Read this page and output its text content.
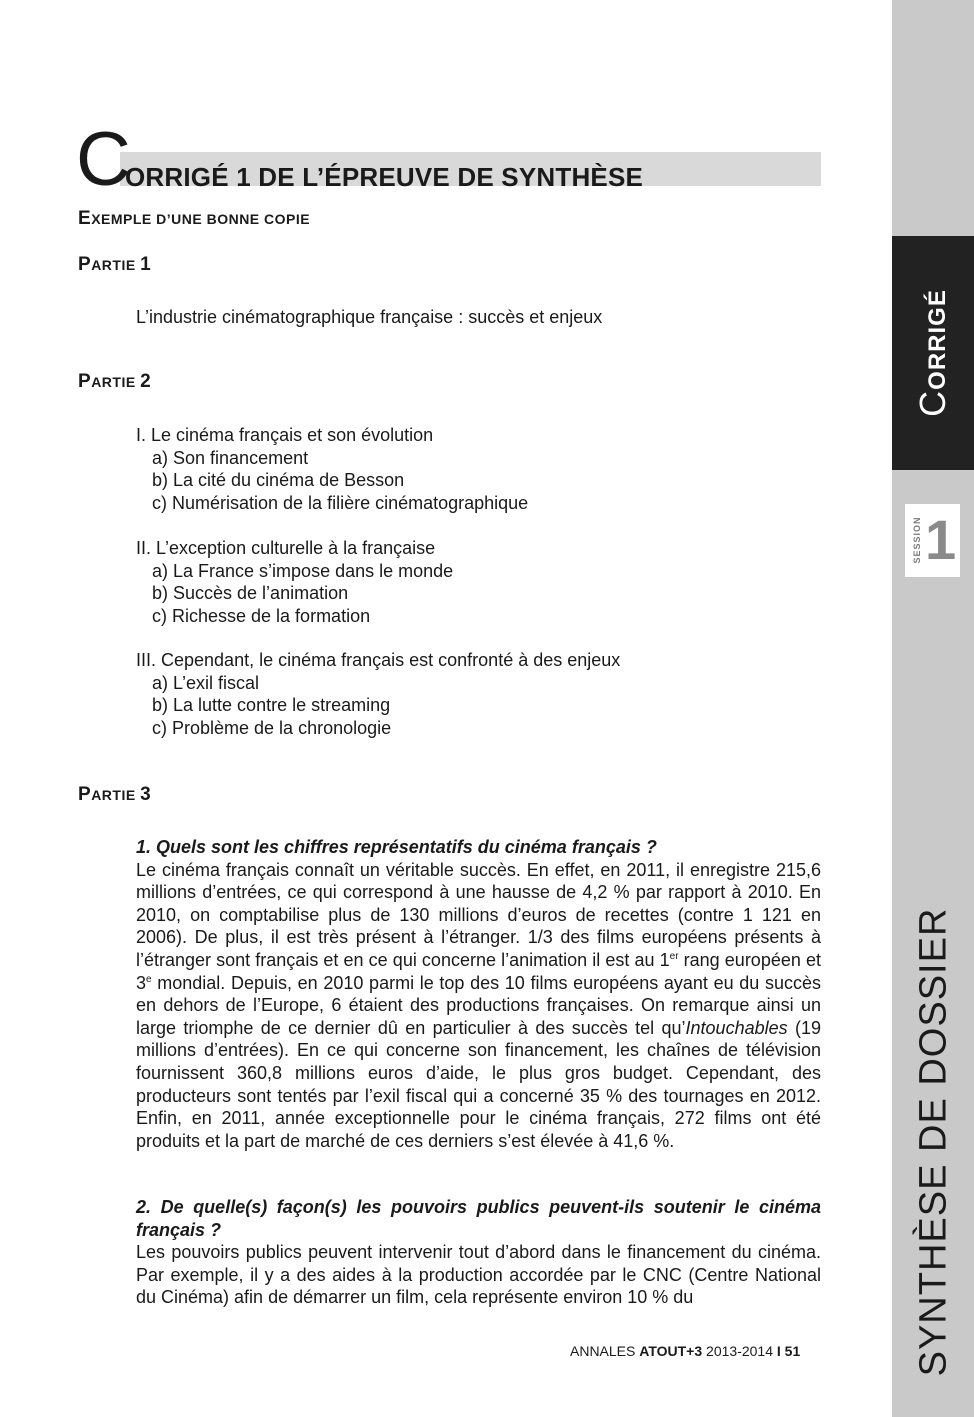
CORRIGÉ
SESSION 1
SYNTHÈSE DE DOSSIER
C
ORRIGÉ 1 DE L’ÉPREUVE DE SYNTHÈSE
EXEMPLE D’UNE BONNE COPIE
PARTIE 1
L’industrie cinématographique française : succès et enjeux
PARTIE 2
I. Le cinéma français et son évolution
a) Son financement
b) La cité du cinéma de Besson
c) Numérisation de la filière cinématographique
II. L’exception culturelle à la française
a) La France s’impose dans le monde
b) Succès de l’animation
c) Richesse de la formation
III. Cependant, le cinéma français est confronté à des enjeux
a) L’exil fiscal
b) La lutte contre le streaming
c) Problème de la chronologie
PARTIE 3
1. Quels sont les chiffres représentatifs du cinéma français ?
Le cinéma français connaît un véritable succès. En effet, en 2011, il enregistre 215,6 millions d’entrées, ce qui correspond à une hausse de 4,2 % par rapport à 2010. En 2010, on comptabilise plus de 130 millions d’euros de recettes (contre 1 121 en 2006). De plus, il est très présent à l’étranger. 1/3 des films européens présents à l’étranger sont français et en ce qui concerne l’animation il est au 1er rang européen et 3e mondial. Depuis, en 2010 parmi le top des 10 films européens ayant eu du succès en dehors de l’Europe, 6 étaient des productions françaises. On remarque ainsi un large triomphe de ce dernier dû en particulier à des succès tel qu’Intouchables (19 millions d’entrées). En ce qui concerne son financement, les chaînes de télévision fournissent 360,8 millions euros d’aide, le plus gros budget. Cependant, des producteurs sont tentés par l’exil fiscal qui a concerné 35 % des tournages en 2012. Enfin, en 2011, année exceptionnelle pour le cinéma français, 272 films ont été produits et la part de marché de ces derniers s’est élevée à 41,6 %.
2. De quelle(s) façon(s) les pouvoirs publics peuvent-ils soutenir le cinéma français ?
Les pouvoirs publics peuvent intervenir tout d’abord dans le financement du cinéma. Par exemple, il y a des aides à la production accordée par le CNC (Centre National du Cinéma) afin de démarrer un film, cela représente environ 10 % du
ANNALES ATOUT+3 2013-2014 I 51
